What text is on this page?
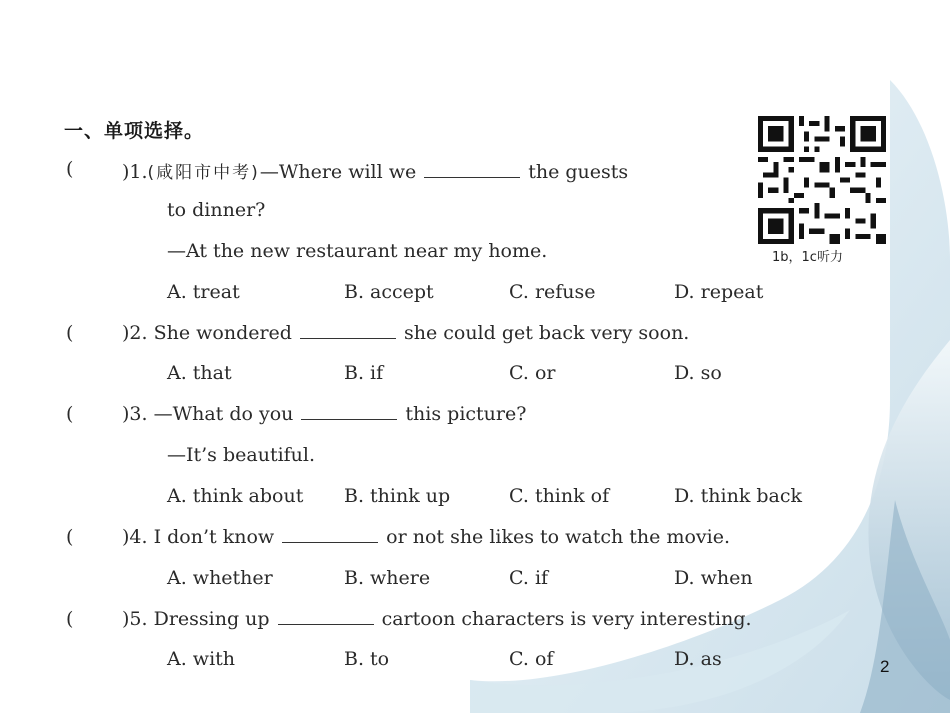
一、单项选择。
1b，1c听力
(	)1.(咸阳市中考)—Where will we	the guests
to dinner?
—At the new restaurant near my home.
A. treat	B. accept	C. refuse	D. repeat
(	)2. She wondered	she could get back very soon.
A. that	B. if	C. or	D. so
(	)3. —What do you	this picture?
—It’s beautiful.
A. think about B. think up	C. think of	D. think back
(	)4. I don’t know	or not she likes to watch the movie.
A. whether	B. where	C. if	D. when
(	)5. Dressing up	cartoon characters is very interesting.
A. with	B. to	C. of	D. as	2
